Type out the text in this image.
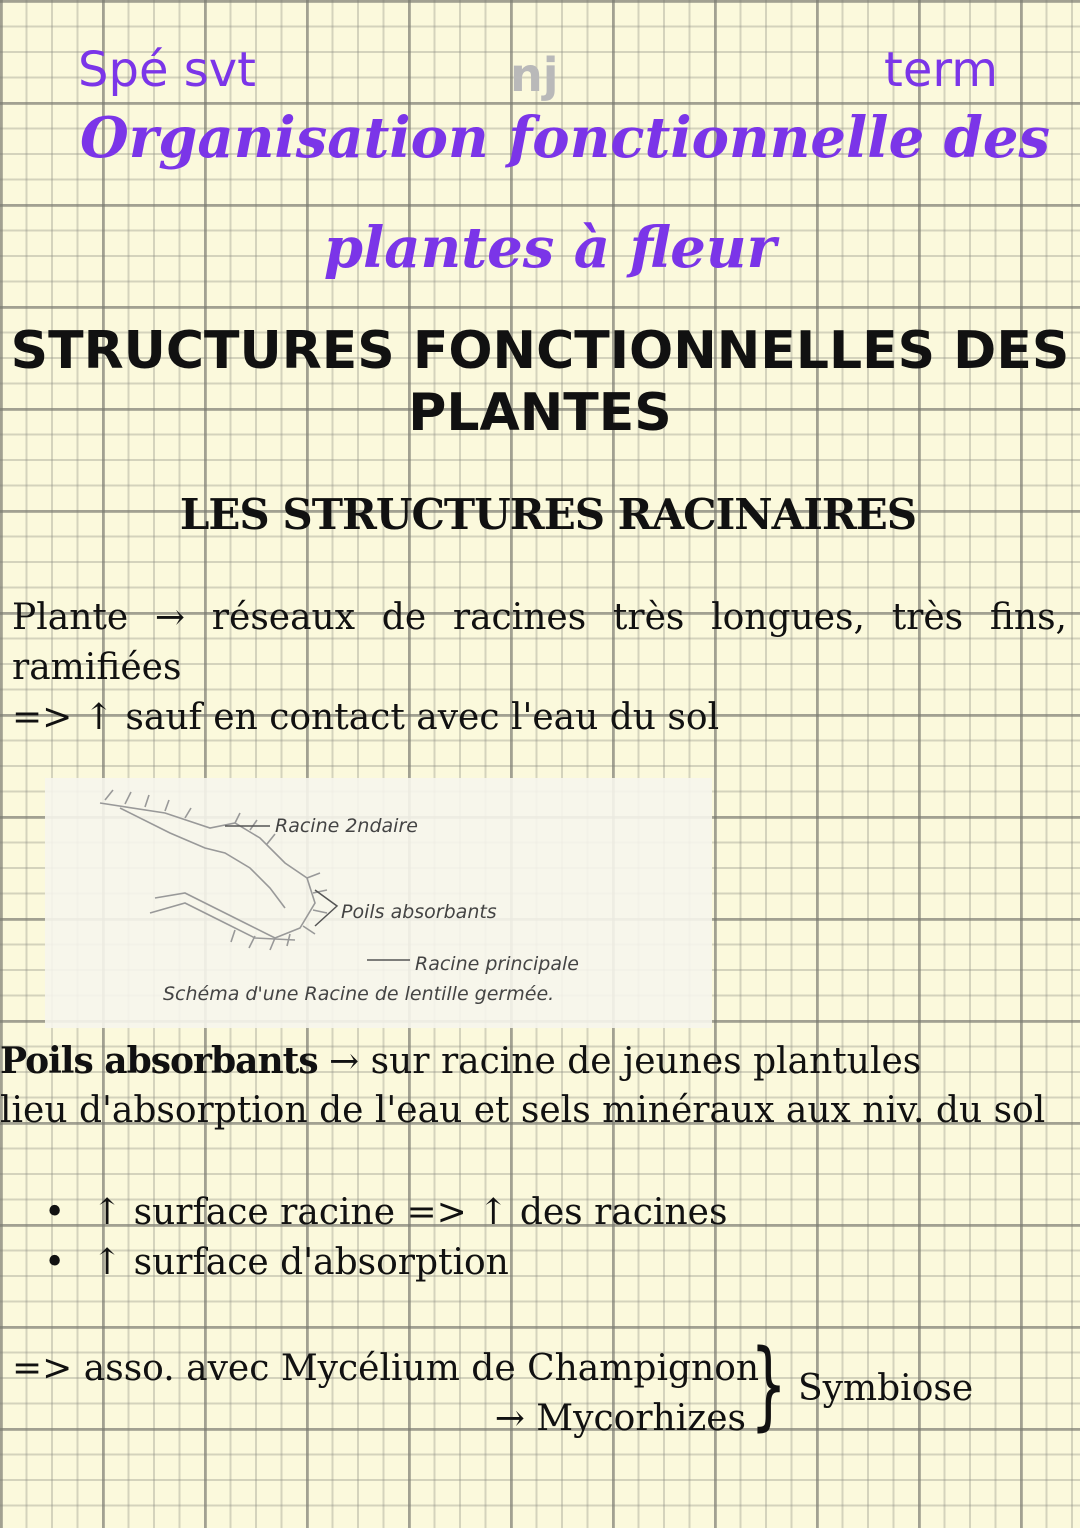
Spé svt	nj	term
Organisation fonctionnelle des
plantes à fleur
STRUCTURES FONCTIONNELLES DES
PLANTES
LES STRUCTURES RACINAIRES
Plante → réseaux de racines très longues, très fins, ramifiées
=> ↑ sauf en contact avec l'eau du sol
Racine 2ndaire
Poils absorbants
Racine principale
Schéma d'une Racine de lentille germée.
Poils absorbants → sur racine de jeunes plantules
lieu d'absorption de l'eau et sels minéraux aux niv. du sol
• ↑ surface racine => ↑ des racines
• ↑ surface d'absorption
=> asso. avec Mycélium de Champignon
→ Mycorhizes } Symbiose
